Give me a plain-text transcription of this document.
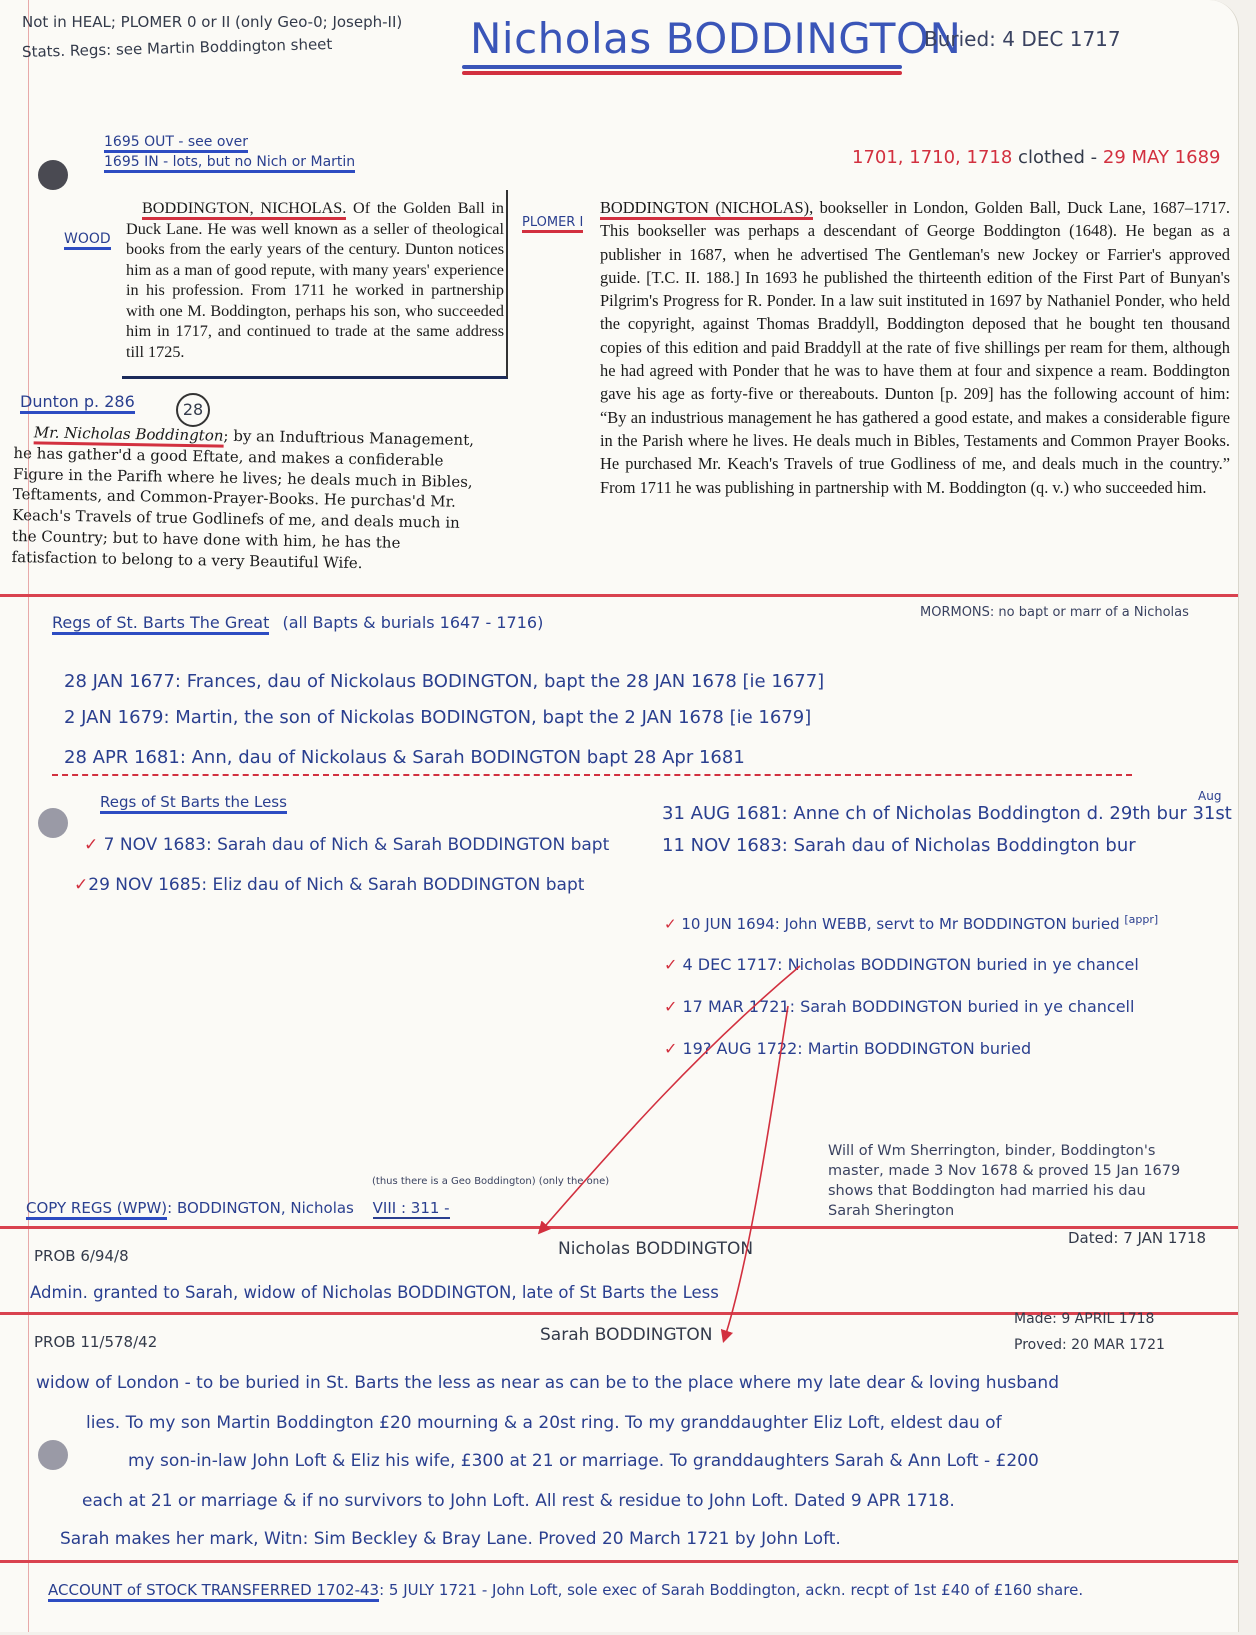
Not in HEAL; PLOMER 0 or II (only Geo-0; Joseph-II)
Stats. Regs: see Martin Boddington sheet	Nicholas BODDINGTON
Buried: 4 DEC 1717
1695 OUT - see over
1695 IN - lots, but no Nich or Martin	1701, 1710, 1718 clothed - 29 MAY 1689
WOOD
BODDINGTON, NICHOLAS. Of the Golden Ball in Duck Lane. He was well known as a seller of theological books from the early years of the century. Dunton notices him as a man of good repute, with many years' experience in his profession. From 1711 he worked in partnership with one M. Boddington, perhaps his son, who succeeded him in 1717, and continued to trade at the same address till 1725.
PLOMER I
BODDINGTON (NICHOLAS), bookseller in London, Golden Ball, Duck Lane, 1687–1717. This bookseller was perhaps a descendant of George Boddington (1648). He began as a publisher in 1687, when he advertised The Gentleman's new Jockey or Farrier's approved guide. [T.C. II. 188.] In 1693 he published the thirteenth edition of the First Part of Bunyan's Pilgrim's Progress for R. Ponder. In a law suit instituted in 1697 by Nathaniel Ponder, who held the copyright, against Thomas Braddyll, Boddington deposed that he bought ten thousand copies of this edition and paid Braddyll at the rate of five shillings per ream for them, although he had agreed with Ponder that he was to have them at four and sixpence a ream. Boddington gave his age as forty-five or thereabouts. Dunton [p. 209] has the following account of him: “By an industrious management he has gathered a good estate, and makes a considerable figure in the Parish where he lives. He deals much in Bibles, Testaments and Common Prayer Books. He purchased Mr. Keach's Travels of true Godliness of me, and deals much in the country.” From 1711 he was publishing in partnership with M. Boddington (q. v.) who succeeded him.
Dunton p. 286	28
Mr. Nicholas Boddington; by an Induftrious Management, he has gather'd a good Eftate, and makes a confiderable Figure in the Parifh where he lives; he deals much in Bibles, Teftaments, and Common-Prayer-Books. He purchas'd Mr. Keach's Travels of true Godlinefs of me, and deals much in the Country; but to have done with him, he has the fatisfaction to belong to a very Beautiful Wife.
Regs of St. Barts The Great (all Bapts & burials 1647 - 1716)
MORMONS: no bapt or marr of a Nicholas
28 JAN 1677: Frances, dau of Nickolaus BODINGTON, bapt the 28 JAN 1678 [ie 1677]
2 JAN 1679: Martin, the son of Nickolas BODINGTON, bapt the 2 JAN 1678 [ie 1679]
28 APR 1681: Ann, dau of Nickolaus & Sarah BODINGTON bapt 28 Apr 1681
Regs of St Barts the Less
✓ 7 NOV 1683: Sarah dau of Nich & Sarah BODDINGTON bapt
✓29 NOV 1685: Eliz dau of Nich & Sarah BODDINGTON bapt
31 AUG 1681: Anne ch of Nicholas Boddington d. 29th bur 31st
Aug
11 NOV 1683: Sarah dau of Nicholas Boddington bur
✓ 10 JUN 1694: John WEBB, servt to Mr BODDINGTON buried [appr]
✓ 4 DEC 1717: Nicholas BODDINGTON buried in ye chancel
✓ 17 MAR 1721: Sarah BODDINGTON buried in ye chancell
✓ 19? AUG 1722: Martin BODDINGTON buried
Will of Wm Sherrington, binder, Boddington's
master, made 3 Nov 1678 & proved 15 Jan 1679
shows that Boddington had married his dau
Sarah Sherington
(thus there is a Geo Boddington) (only the one)
COPY REGS (WPW): BODDINGTON, Nicholas VIII : 311 -
PROB 6/94/8	Nicholas BODDINGTON
Dated: 7 JAN 1718
Admin. granted to Sarah, widow of Nicholas BODDINGTON, late of St Barts the Less
PROB 11/578/42	Sarah BODDINGTON
Made: 9 APRIL 1718
Proved: 20 MAR 1721
widow of London - to be buried in St. Barts the less as near as can be to the place where my late dear & loving husband
lies. To my son Martin Boddington £20 mourning & a 20st ring. To my granddaughter Eliz Loft, eldest dau of
my son-in-law John Loft & Eliz his wife, £300 at 21 or marriage. To granddaughters Sarah & Ann Loft - £200
each at 21 or marriage & if no survivors to John Loft. All rest & residue to John Loft. Dated 9 APR 1718.
Sarah makes her mark, Witn: Sim Beckley & Bray Lane. Proved 20 March 1721 by John Loft.
ACCOUNT of STOCK TRANSFERRED 1702-43: 5 JULY 1721 - John Loft, sole exec of Sarah Boddington, ackn. recpt of 1st £40 of £160 share.
